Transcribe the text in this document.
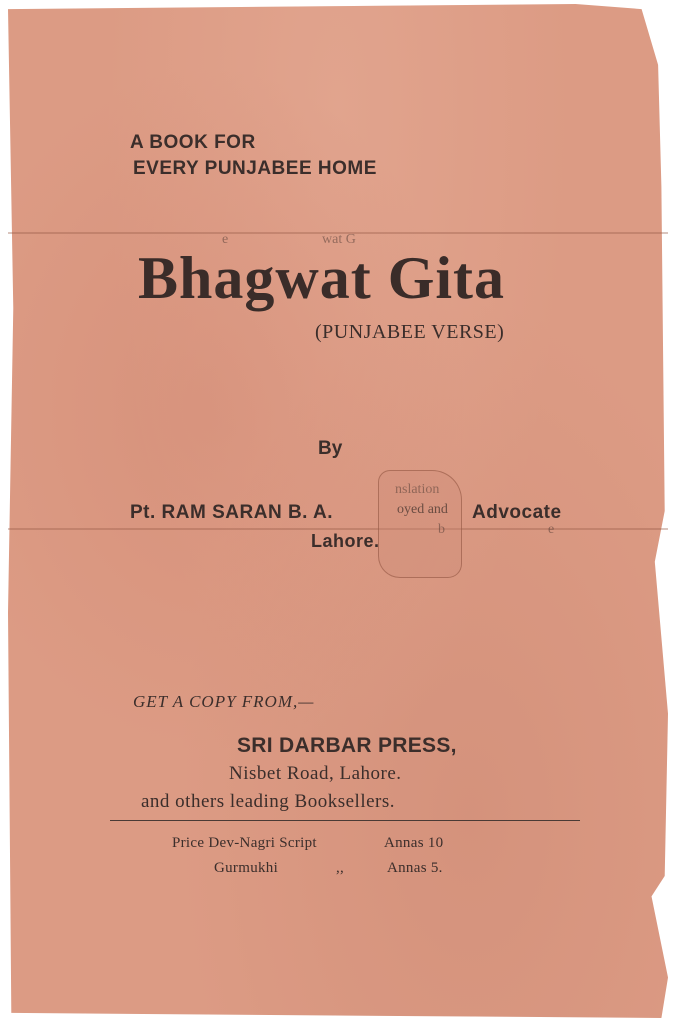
A BOOK FOR
EVERY PUNJABEE HOME
e	wat G
Bhagwat Gita
(PUNJABEE VERSE)
By
nslation
Pt. RAM SARAN B. A.	oyed and Advocate
b	e
Lahore.
GET A COPY FROM,—
SRI DARBAR PRESS,
Nisbet Road, Lahore.
and others leading Booksellers.
Price Dev-Nagri Script	Annas 10
Gurmukhi	,,	Annas 5.
